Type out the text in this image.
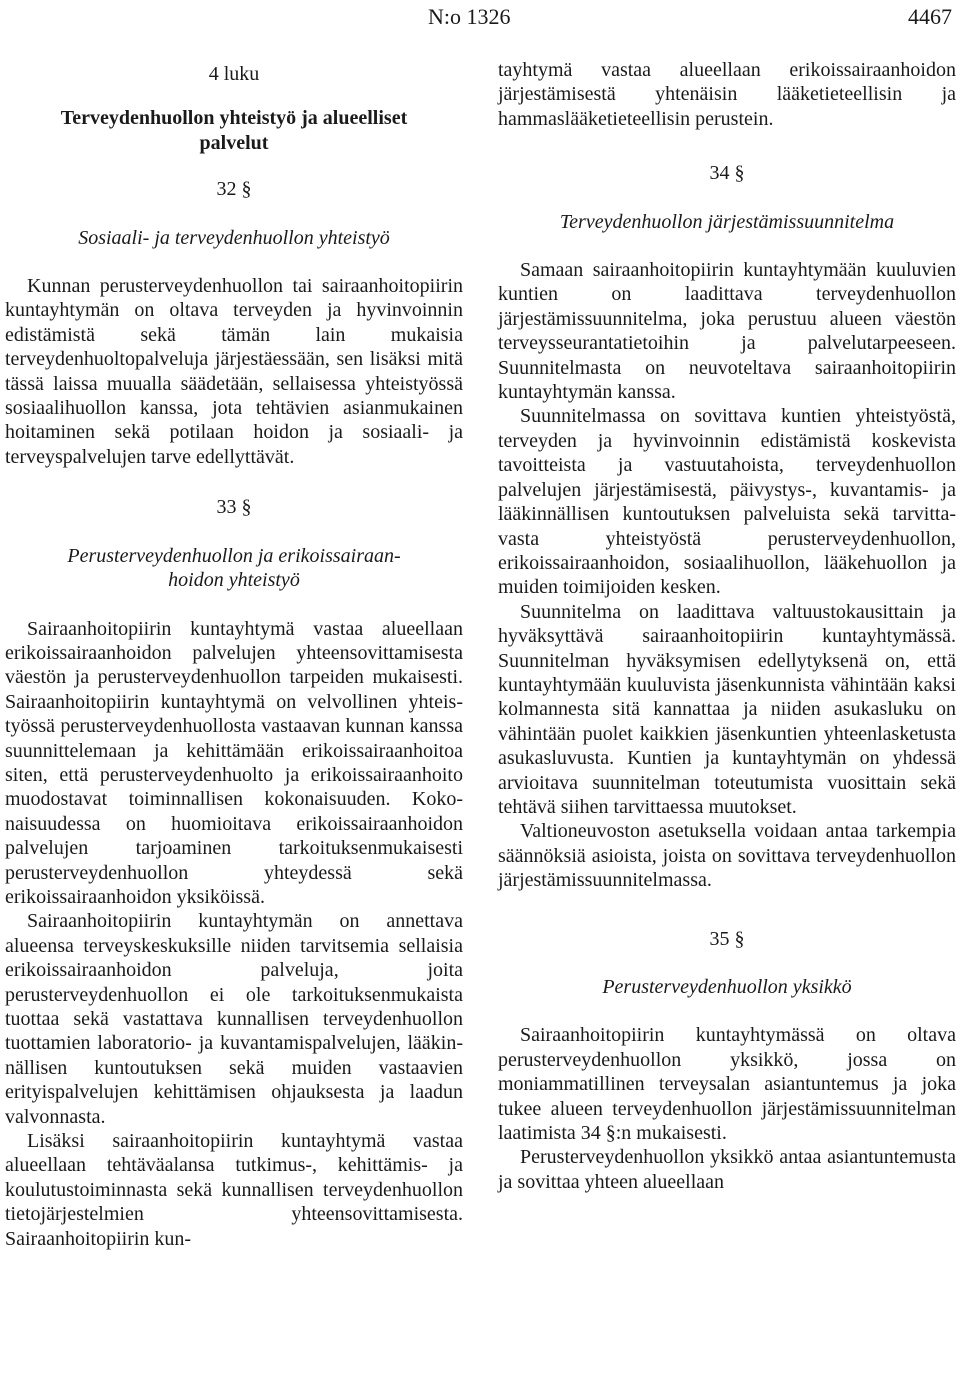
N:o 1326	4467
4 luku
Terveydenhuollon yhteistyö ja alueelliset
palvelut
32 §
Sosiaali- ja terveydenhuollon yhteistyö

Kunnan perusterveydenhuollon tai sairaanhoitopiirin kuntayhtymän on oltava terveyden ja hyvinvoinnin edistämistä sekä tämän lain mukaisia terveydenhuoltopalveluja järjestäessään, sen lisäksi mitä tässä laissa muualla säädetään, sellaisessa yhteistyössä sosiaalihuollon kanssa, jota tehtävien asianmukainen hoitaminen sekä potilaan hoidon ja sosiaali- ja terveyspalvelujen tarve edellyttävät.

33 §
Perusterveydenhuollon ja erikoissairaan-
hoidon yhteistyö

Sairaanhoitopiirin kuntayhtymä vastaa alueellaan erikoissairaanhoidon palvelujen yhteensovittamisesta väestön ja perusterveydenhuollon tarpeiden mukaisesti. Sairaanhoitopiirin kuntayhtymä on velvollinen yhteistyössä perusterveydenhuollosta vastaavan kunnan kanssa suunnittelemaan ja kehittämään erikoissairaanhoitoa siten, että perusterveydenhuolto ja erikoissairaanhoito muodostavat toiminnallisen kokonaisuuden. Kokonaisuudessa on huomioitava erikoissairaanhoidon palvelujen tarjoaminen tarkoituksenmukaisesti perusterveydenhuollon yhteydessä sekä erikoissairaanhoidon yksiköissä.

Sairaanhoitopiirin kuntayhtymän on annettava alueensa terveyskeskuksille niiden tarvitsemia sellaisia erikoissairaanhoidon palveluja, joita perusterveydenhuollon ei ole tarkoituksenmukaista tuottaa sekä vastattava kunnallisen terveydenhuollon tuottamien laboratorio- ja kuvantamispalvelujen, lääkinnällisen kuntoutuksen sekä muiden vastaavien erityispalvelujen kehittämisen ohjauksesta ja laadun valvonnasta.

Lisäksi sairaanhoitopiirin kuntayhtymä vastaa alueellaan tehtäväalansa tutkimus-, kehittämis- ja koulutustoiminnasta sekä kunnallisen terveydenhuollon tietojärjestelmien yhteensovittamisesta. Sairaanhoitopiirin kun-

tayhtymä vastaa alueellaan erikoissairaanhoidon järjestämisestä yhtenäisin lääketieteellisin ja hammaslääketieteellisin perustein.

34 §
Terveydenhuollon järjestämissuunnitelma

Samaan sairaanhoitopiirin kuntayhtymään kuuluvien kuntien on laadittava terveydenhuollon järjestämissuunnitelma, joka perustuu alueen väestön terveysseurantatietoihin ja palvelutarpeeseen. Suunnitelmasta on neuvoteltava sairaanhoitopiirin kuntayhtymän kanssa.

Suunnitelmassa on sovittava kuntien yhteistyöstä, terveyden ja hyvinvoinnin edistämistä koskevista tavoitteista ja vastuutahoista, terveydenhuollon palvelujen järjestämisestä, päivystys-, kuvantamis- ja lääkinnällisen kuntoutuksen palveluista sekä tarvittavasta yhteistyöstä perusterveydenhuollon, erikoissairaanhoidon, sosiaalihuollon, lääkehuollon ja muiden toimijoiden kesken.

Suunnitelma on laadittava valtuustokausittain ja hyväksyttävä sairaanhoitopiirin kuntayhtymässä. Suunnitelman hyväksymisen edellytyksenä on, että kuntayhtymään kuuluvista jäsenkunnista vähintään kaksi kolmannesta sitä kannattaa ja niiden asukasluku on vähintään puolet kaikkien jäsenkuntien yhteenlasketusta asukasluvusta. Kuntien ja kuntayhtymän on yhdessä arvioitava suunnitelman toteutumista vuosittain sekä tehtävä siihen tarvittaessa muutokset.

Valtioneuvoston asetuksella voidaan antaa tarkempia säännöksiä asioista, joista on sovittava terveydenhuollon järjestämissuunnitelmassa.

35 §
Perusterveydenhuollon yksikkö

Sairaanhoitopiirin kuntayhtymässä on oltava perusterveydenhuollon yksikkö, jossa on moniammatillinen terveysalan asiantuntemus ja joka tukee alueen terveydenhuollon järjestämissuunnitelman laatimista 34 §:n mukaisesti.

Perusterveydenhuollon yksikkö antaa asiantuntemusta ja sovittaa yhteen alueellaan
